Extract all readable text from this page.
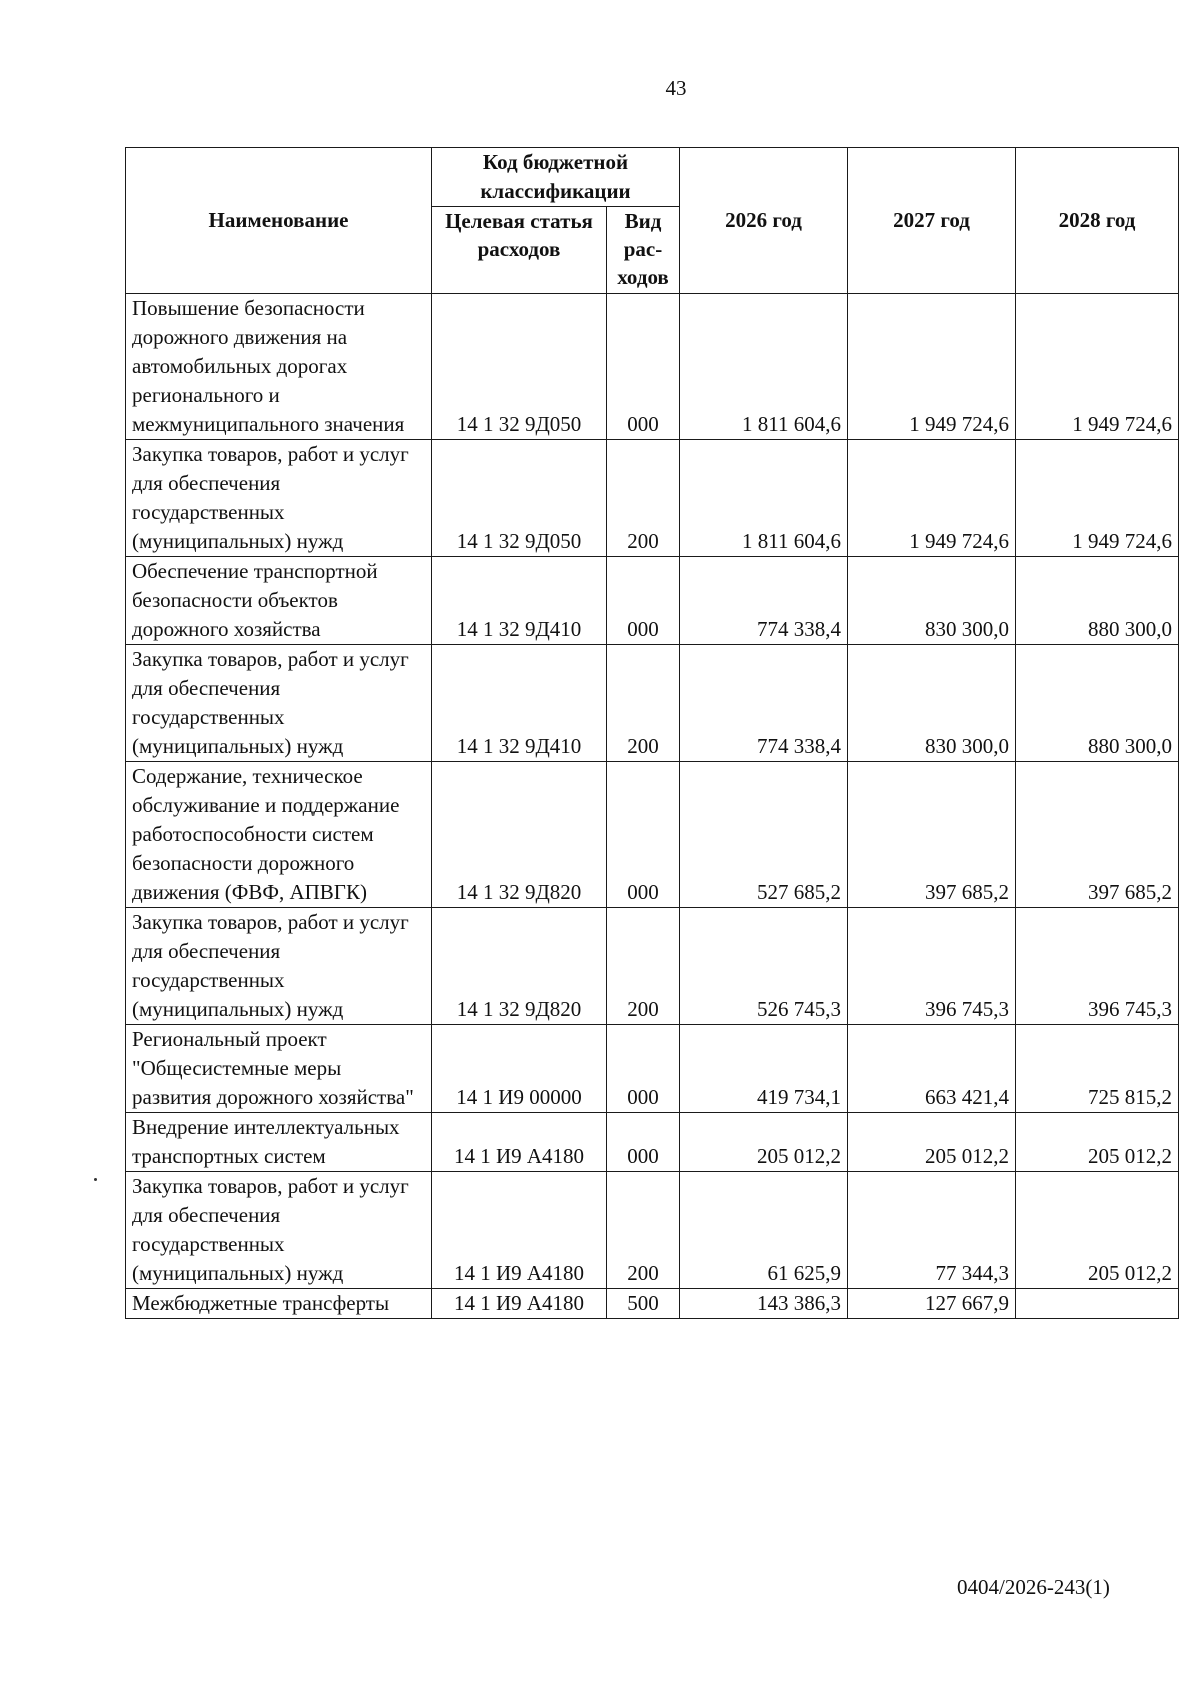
43
Наименование	Код бюджетной классификации		2026 год	2027 год	2028 год
	Целевая статья расходов	Вид рас-ходов			
Повышение безопасности дорожного движения на автомобильных дорогах регионального и межмуниципального значения	14 1 32 9Д050	000	1 811 604,6	1 949 724,6	1 949 724,6
Закупка товаров, работ и услуг для обеспечения государственных (муниципальных) нужд	14 1 32 9Д050	200	1 811 604,6	1 949 724,6	1 949 724,6
Обеспечение транспортной безопасности объектов дорожного хозяйства	14 1 32 9Д410	000	774 338,4	830 300,0	880 300,0
Закупка товаров, работ и услуг для обеспечения государственных (муниципальных) нужд	14 1 32 9Д410	200	774 338,4	830 300,0	880 300,0
Содержание, техническое обслуживание и поддержание работоспособности систем безопасности дорожного движения (ФВФ, АПВГК)	14 1 32 9Д820	000	527 685,2	397 685,2	397 685,2
Закупка товаров, работ и услуг для обеспечения государственных (муниципальных) нужд	14 1 32 9Д820	200	526 745,3	396 745,3	396 745,3
Региональный проект "Общесистемные меры развития дорожного хозяйства"	14 1 И9 00000	000	419 734,1	663 421,4	725 815,2
Внедрение интеллектуальных транспортных систем	14 1 И9 А4180	000	205 012,2	205 012,2	205 012,2
Закупка товаров, работ и услуг для обеспечения государственных (муниципальных) нужд	14 1 И9 А4180	200	61 625,9	77 344,3	205 012,2
Межбюджетные трансферты	14 1 И9 А4180	500	143 386,3	127 667,9	
0404/2026-243(1)
